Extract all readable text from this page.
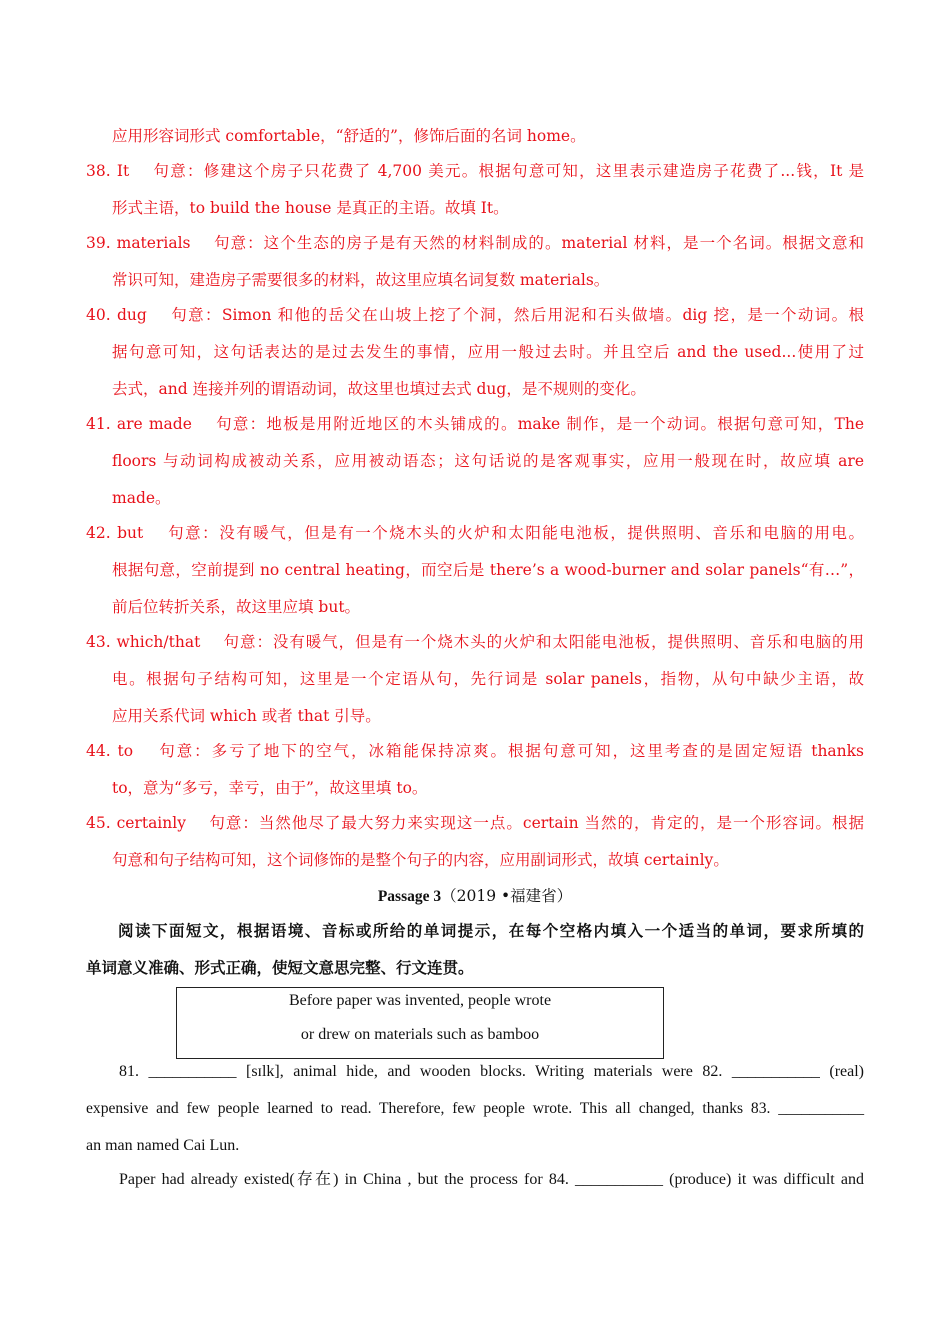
应用形容词形式 comfortable，“舒适的”，修饰后面的名词 home。
38. It　 句意：修建这个房子只花费了 4,700 美元。根据句意可知，这里表示建造房子花费了...钱，It 是
形式主语，to build the house 是真正的主语。故填 It。
39. materials　 句意：这个生态的房子是有天然的材料制成的。material 材料，是一个名词。根据文意和
常识可知，建造房子需要很多的材料，故这里应填名词复数 materials。
40. dug　 句意：Simon 和他的岳父在山坡上挖了个洞，然后用泥和石头做墙。dig 挖，是一个动词。根
据句意可知，这句话表达的是过去发生的事情，应用一般过去时。并且空后 and the used...使用了过
去式，and 连接并列的谓语动词，故这里也填过去式 dug，是不规则的变化。
41. are made　 句意：地板是用附近地区的木头铺成的。make 制作，是一个动词。根据句意可知，The
floors 与动词构成被动关系，应用被动语态；这句话说的是客观事实，应用一般现在时，故应填 are
made。
42. but　 句意：没有暖气，但是有一个烧木头的火炉和太阳能电池板，提供照明、音乐和电脑的用电。
根据句意，空前提到 no central heating，而空后是 there’s a wood-burner and solar panels“有…”，
前后位转折关系，故这里应填 but。
43. which/that　 句意：没有暖气，但是有一个烧木头的火炉和太阳能电池板，提供照明、音乐和电脑的用
电。根据句子结构可知，这里是一个定语从句，先行词是 solar panels，指物，从句中缺少主语，故
应用关系代词 which 或者 that 引导。
44. to　 句意：多亏了地下的空气，冰箱能保持凉爽。根据句意可知，这里考查的是固定短语 thanks
to，意为“多亏，幸亏，由于”，故这里填 to。
45. certainly　 句意：当然他尽了最大努力来实现这一点。certain 当然的，肯定的，是一个形容词。根据
句意和句子结构可知，这个词修饰的是整个句子的内容，应用副词形式，故填 certainly。
Passage 3（2019 •福建省）
阅读下面短文，根据语境、音标或所给的单词提示，在每个空格内填入一个适当的单词，要求所填的
单词意义准确、形式正确，使短文意思完整、行文连贯。
Before paper was invented, people wrote
or drew on materials such as bamboo
81. ___________ [sɪlk], animal hide, and wooden blocks. Writing materials were 82. ___________ (real)
expensive and few people learned to read. Therefore, few people wrote. This all changed, thanks 83. ___________
an man named Cai Lun.
Paper had already existed(存在) in China , but the process for 84. ___________ (produce) it was difficult and
